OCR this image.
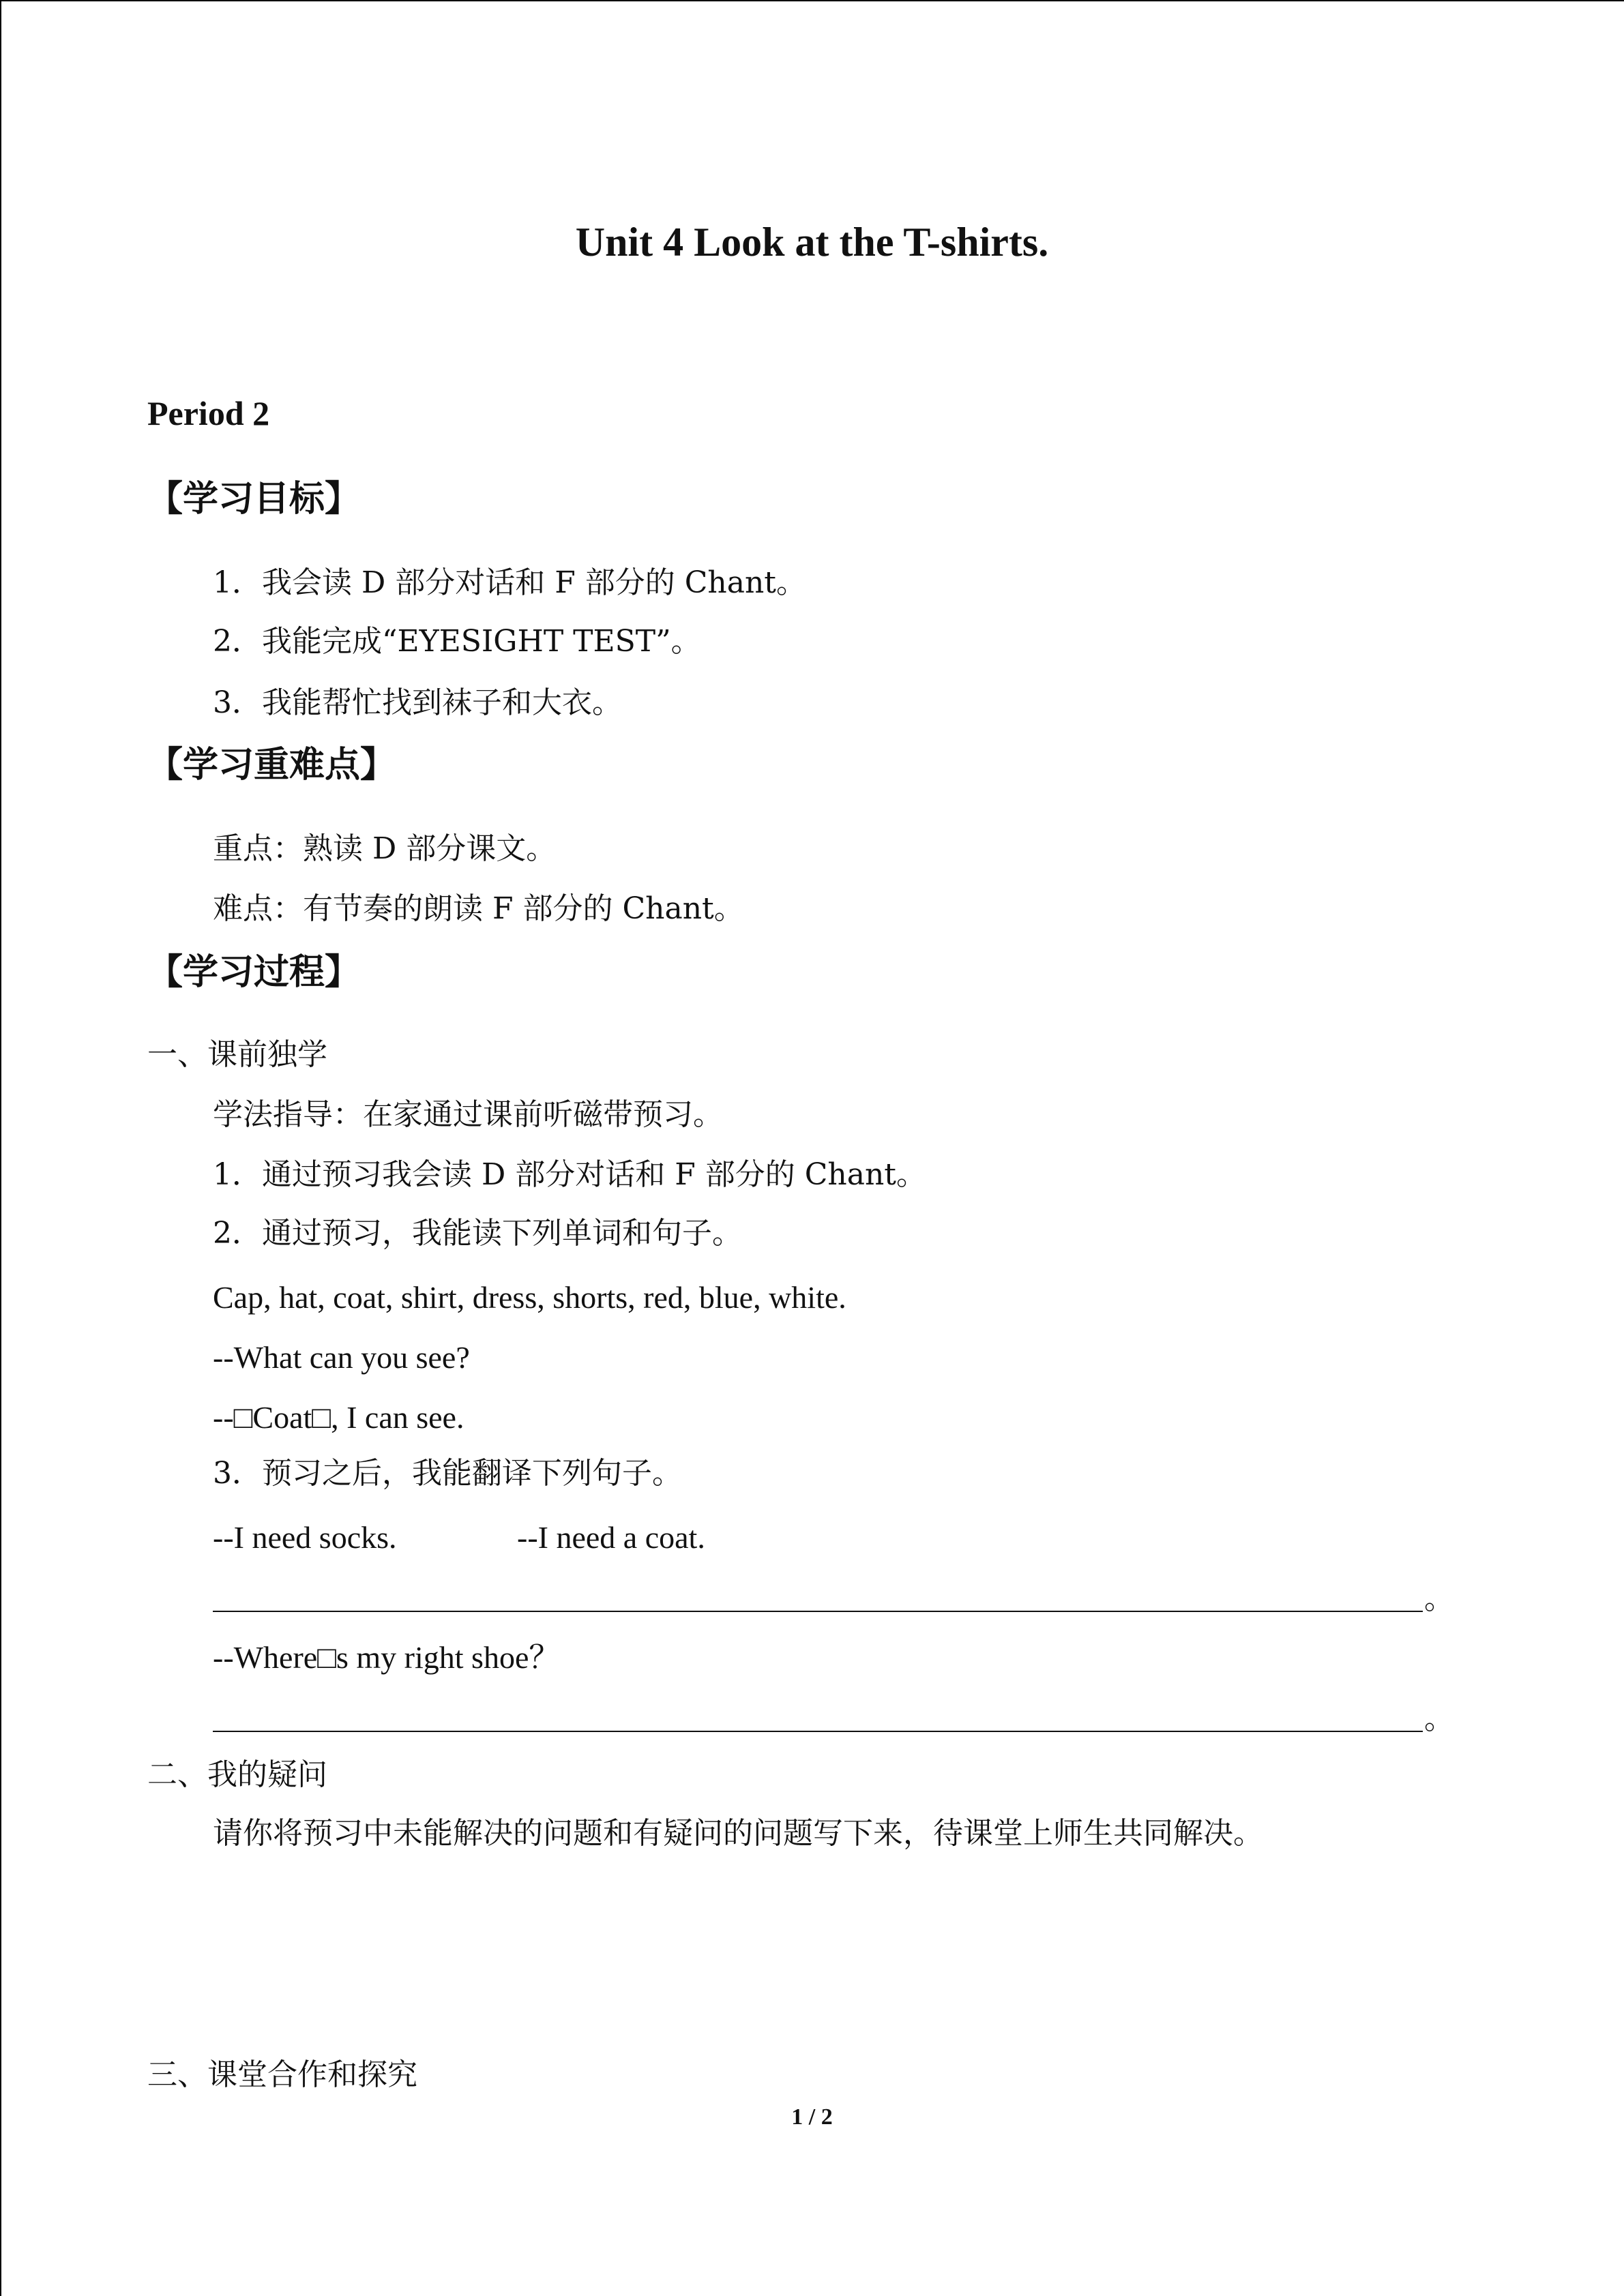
Unit 4 Look at the T-shirts.
Period 2
【学习目标】
1．我会读 D 部分对话和 F 部分的 Chant。
2．我能完成“EYESIGHT TEST”。
3．我能帮忙找到袜子和大衣。
【学习重难点】
重点：熟读 D 部分课文。
难点：有节奏的朗读 F 部分的 Chant。
【学习过程】
一、课前独学
学法指导：在家通过课前听磁带预习。
1．通过预习我会读 D 部分对话和 F 部分的 Chant。
2．通过预习，我能读下列单词和句子。
Cap, hat, coat, shirt, dress, shorts, red, blue, white.
--What can you see?
--□Coat□, I can see.
3．预习之后，我能翻译下列句子。
--I need socks.	--I need a coat.
。
--Where□s my right shoe？
。
二、我的疑问
请你将预习中未能解决的问题和有疑问的问题写下来，待课堂上师生共同解决。
三、课堂合作和探究
1 / 2
